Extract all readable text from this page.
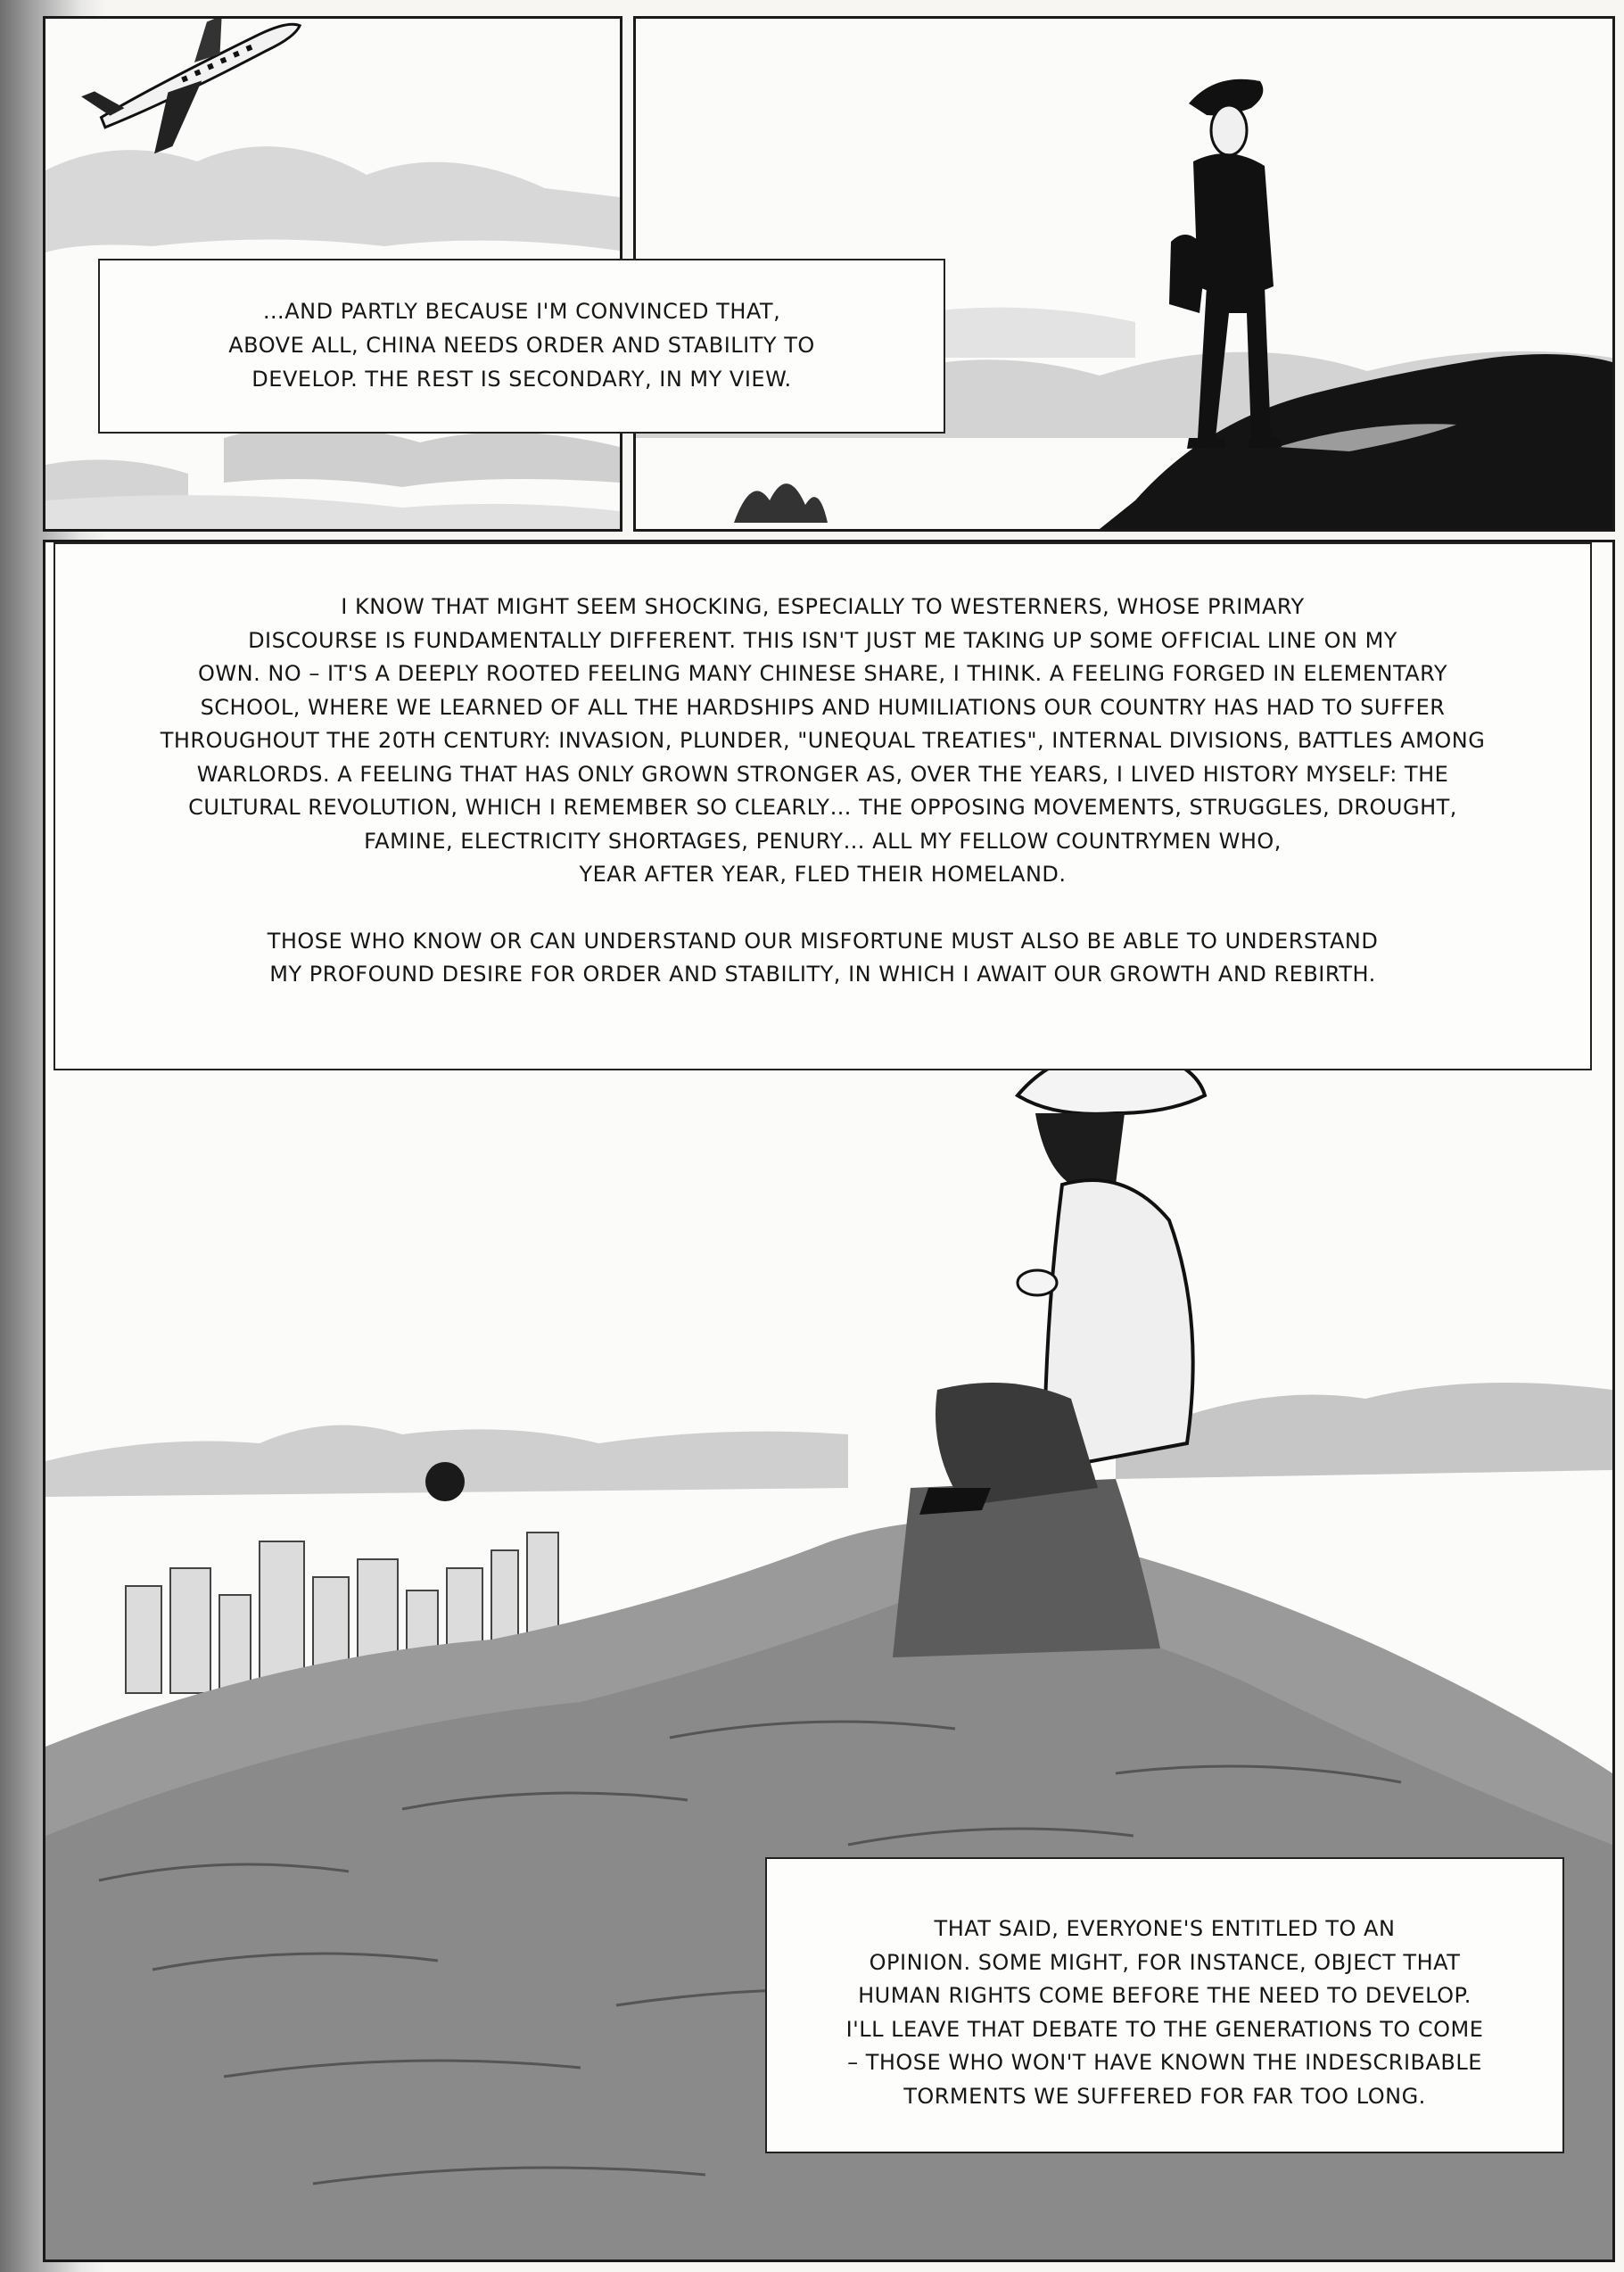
…AND PARTLY BECAUSE I'M CONVINCED THAT,
ABOVE ALL, CHINA NEEDS ORDER AND STABILITY TO
DEVELOP. THE REST IS SECONDARY, IN MY VIEW.

I KNOW THAT MIGHT SEEM SHOCKING, ESPECIALLY TO WESTERNERS, WHOSE PRIMARY
DISCOURSE IS FUNDAMENTALLY DIFFERENT. THIS ISN'T JUST ME TAKING UP SOME OFFICIAL LINE ON MY
OWN. NO – IT'S A DEEPLY ROOTED FEELING MANY CHINESE SHARE, I THINK. A FEELING FORGED IN ELEMENTARY
SCHOOL, WHERE WE LEARNED OF ALL THE HARDSHIPS AND HUMILIATIONS OUR COUNTRY HAS HAD TO SUFFER
THROUGHOUT THE 20TH CENTURY: INVASION, PLUNDER, "UNEQUAL TREATIES", INTERNAL DIVISIONS, BATTLES AMONG
WARLORDS. A FEELING THAT HAS ONLY GROWN STRONGER AS, OVER THE YEARS, I LIVED HISTORY MYSELF: THE
CULTURAL REVOLUTION, WHICH I REMEMBER SO CLEARLY… THE OPPOSING MOVEMENTS, STRUGGLES, DROUGHT,
FAMINE, ELECTRICITY SHORTAGES, PENURY… ALL MY FELLOW COUNTRYMEN WHO,
YEAR AFTER YEAR, FLED THEIR HOMELAND.

THOSE WHO KNOW OR CAN UNDERSTAND OUR MISFORTUNE MUST ALSO BE ABLE TO UNDERSTAND
MY PROFOUND DESIRE FOR ORDER AND STABILITY, IN WHICH I AWAIT OUR GROWTH AND REBIRTH.

THAT SAID, EVERYONE'S ENTITLED TO AN
OPINION. SOME MIGHT, FOR INSTANCE, OBJECT THAT
HUMAN RIGHTS COME BEFORE THE NEED TO DEVELOP.
I'LL LEAVE THAT DEBATE TO THE GENERATIONS TO COME
– THOSE WHO WON'T HAVE KNOWN THE INDESCRIBABLE
TORMENTS WE SUFFERED FOR FAR TOO LONG.
